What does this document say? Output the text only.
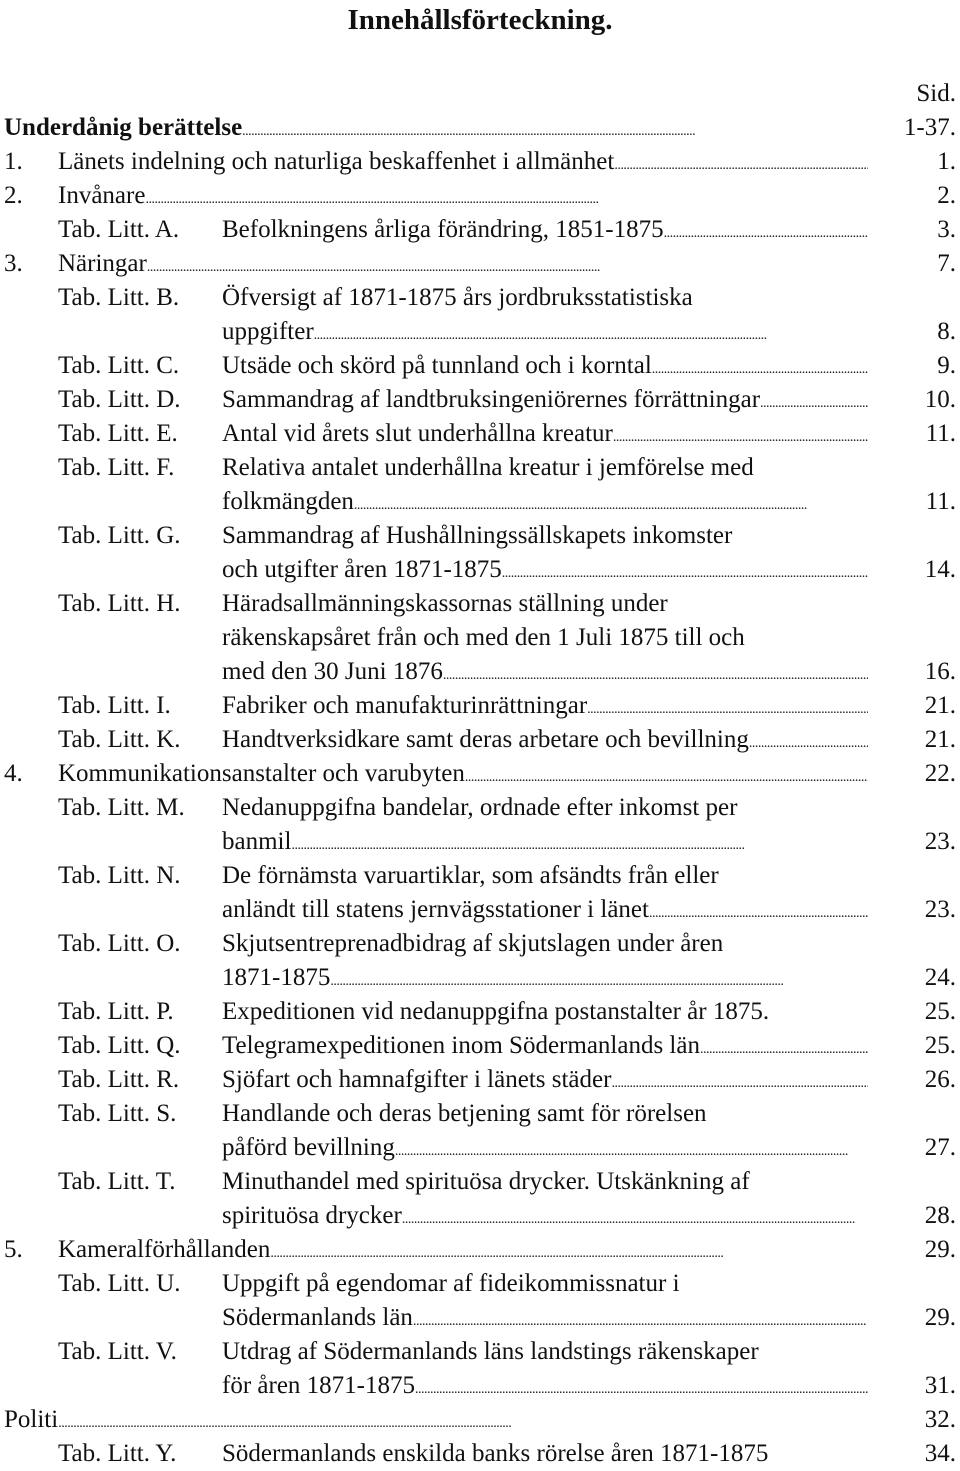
Innehållsförteckning.
Sid.
Underdånig berättelse . . .	1-37.
1. Länets indelning och naturliga beskaffenhet i allmänhet . . .	1.
2. Invånare . . .	2.
Tab. Litt. A. Befolkningens årliga förändring, 1851-1875 . . .	3.
3. Näringar . . .	7.
Tab. Litt. B. Öfversigt af 1871-1875 års jordbruksstatistiska
uppgifter . . .	8.
Tab. Litt. C. Utsäde och skörd på tunnland och i korntal . . .	9.
Tab. Litt. D. Sammandrag af landtbruksingeniörernes förrättningar . . .	10.
Tab. Litt. E. Antal vid årets slut underhållna kreatur . . .	11.
Tab. Litt. F. Relativa antalet underhållna kreatur i jemförelse med
folkmängden . . .	11.
Tab. Litt. G. Sammandrag af Hushållningssällskapets inkomster
och utgifter åren 1871-1875 . . .	14.
Tab. Litt. H. Häradsallmänningskassornas ställning under
räkenskapsåret från och med den 1 Juli 1875 till och
med den 30 Juni 1876 . . .	16.
Tab. Litt. I. Fabriker och manufakturinrättningar . . .	21.
Tab. Litt. K. Handtverksidkare samt deras arbetare och bevillning . . .	21.
4. Kommunikationsanstalter och varubyten . . .	22.
Tab. Litt. M. Nedanuppgifna bandelar, ordnade efter inkomst per
banmil . . .	23.
Tab. Litt. N. De förnämsta varuartiklar, som afsändts från eller
anländt till statens jernvägsstationer i länet . . .	23.
Tab. Litt. O. Skjutsentreprenadbidrag af skjutslagen under åren
1871-1875 . . .	24.
Tab. Litt. P. Expeditionen vid nedanuppgifna postanstalter år 1875.	25.
Tab. Litt. Q. Telegramexpeditionen inom Södermanlands län . . .	25.
Tab. Litt. R. Sjöfart och hamnafgifter i länets städer . . .	26.
Tab. Litt. S. Handlande och deras betjening samt för rörelsen
påförd bevillning . . .	27.
Tab. Litt. T. Minuthandel med spirituösa drycker. Utskänkning af
spirituösa drycker . . .	28.
5. Kameralförhållanden . . .	29.
Tab. Litt. U. Uppgift på egendomar af fideikommissnatur i
Södermanlands län . . .	29.
Tab. Litt. V. Utdrag af Södermanlands läns landstings räkenskaper
för åren 1871-1875 . . .	31.
Politi . . .	32.
Tab. Litt. Y. Södermanlands enskilda banks rörelse åren 1871-1875	34.
